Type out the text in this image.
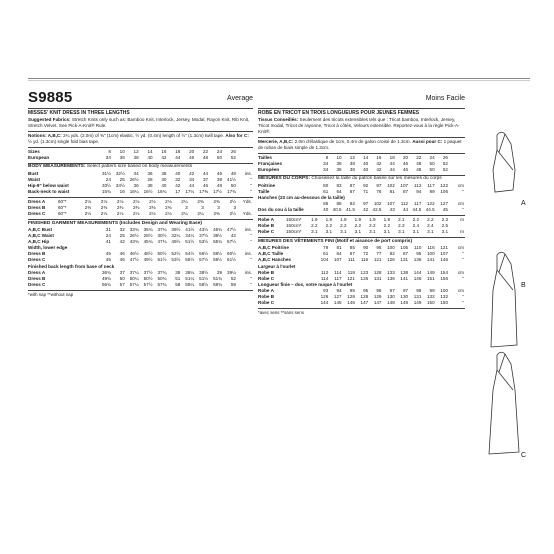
S9885	Average
MISSES' KNIT DRESS IN THREE LENGTHS
Suggested Fabrics: Stretch Knits only such as: Bamboo Knit, Interlock, Jersey, Modal, Rayon Knit, Rib Knit, Stretch Velvet. See Pick-A-Knit® Rule.
Notions: A,B,C: 2¼ yds. (2.0m) of ⅜" (1cm) elastic, ½ yd. (0.4m) length of ½" (1.3cm) twill tape. Also for C: ½ yd. (1.3cm) single fold bias tape.
Sizes	8	10	12	14	16	18	20	22	24	26	
European	34	36	38	40	42	44	46	48	50	52	
BODY MEASUREMENTS: Select pattern size based on body measurements
Bust	31½	32½	34	36	38	40	42	44	46	48	ins.
Waist	24	25	26½	28	30	32	34	37	39	41½	"
Hip-9" below waist	33½	34½	36	38	40	42	44	46	48	50	"
Back-neck to waist	15¾	16	16¼	16½	16¾	17	17¼	17⅜	17½	17¾	"
Dress A	60"*	2⅛	2⅛	2⅛	2⅛	2⅛	2⅛	2¼	2⅜	2⅜	2½	Yds.
Dress B	60"*	2⅜	2⅜	2⅜	2⅜	2⅜	2⅜	3	3	3	3	
Dress C	60"*	2⅛	2⅛	2⅛	2⅛	2⅛	2⅛	2¼	2¼	2⅜	2½	Yds.
FINISHED GARMENT MEASUREMENTS (Includes Design and Wearing Ease)
A,B,C Bust	31	32	33¾	35¾	37¾	39½	41½	43½	45¾	47½	ins.
A,B,C Waist	24	25	26½	28½	30½	32¼	34¼	37½	39½	42	"
A,B,C Hip	41	42	43¾	45¾	47¾	49½	51½	53½	55¾	57½	"
Width, lower edge
Dress B	45	46	46½	48½	50½	52½	54½	56½	58½	60½	ins.
Dress C	45	46	47½	49½	51½	53½	55½	57½	59½	61½	"
Finished back length from base of neck
Dress A	36¾	37	37¼	37½	37¾	38	38¼	38½	39	39¼	ins.
Dress B	49¾	50	50¼	50½	50¾	51	51¼	51½	51¾	52	"
Dress C	56¾	57	57¼	57½	57¾	58	58¼	58½	58¾	59	"
*with nap **without nap
Moins Facile
ROBE EN TRICOT EN TROIS LONGUEURS POUR JEUNES FEMMES
Tissus Conseillés: Seulement des tricots extensibles tels que : Tricot bamboo, Interlock, Jersey, Tricot modal, Tricot de rayonne, Tricot à côtés, Velours extensible. Reportez-vous à la règle Pick-A-Knit®.
Mercerie, A,B,C: 2.0m d'élastique de 1cm, 0.4m de galon croisé de 1.3cm. Aussi pour C: 1 paquet de ruban de biais simple de 1.3cm.
Tailles	8	10	12	14	16	18	20	22	24	26	
Françaises	34	36	38	40	42	44	46	48	50	52	
Européen	34	36	38	40	42	44	46	48	50	52	
MESURES DU CORPS: Choisissez la taille du patron basée sur les mesures du corps
Poitrine	80	83	87	92	97	102	107	112	117	122	cm
Taille	61	64	67	71	76	81	87	94	99	106	"
Hanches (23 cm au-dessous de la taille)
	85	88	92	97	102	107	112	117	122	127	cm
Dos du cou à la taille	40	40.5	41.5	42	42.5	43	44	44.5	44.5	45	"
Robe A	150cm*	1.9	1.9	1.9	1.9	1.9	1.9	2.1	2.2	2.2	2.3	m
Robe B	150cm*	2.2	2.2	2.2	2.2	2.2	2.2	2.3	2.4	2.4	2.5	
Robe C	150cm*	3.1	3.1	3.1	3.1	3.1	3.1	3.1	3.1	3.1	3.1	m
MESURES DES VÊTEMENTS FINI (Motif et aisance de port compris)
A,B,C Poitrine	79	81	85	90	95	100	105	110	116	121	cm
A,B,C Taille	61	64	67	72	77	82	87	95	100	107	"
A,B,C Hanches	104	107	111	116	121	126	131	136	141	146	"
Largeur à l'ourlet
Robe B	112	114	118	123	128	133	138	144	149	154	cm
Robe C	114	117	121	126	131	136	141	146	151	156	"
Longueur finie – dos, votre nuque à l'ourlet
Robe A	93	94	95	95	96	97	97	98	99	100	cm
Robe B	126	127	128	128	129	130	130	131	132	132	"
Robe C	144	145	146	147	147	148	149	149	150	150	"
*avec sens **sans sens
A
B
C
